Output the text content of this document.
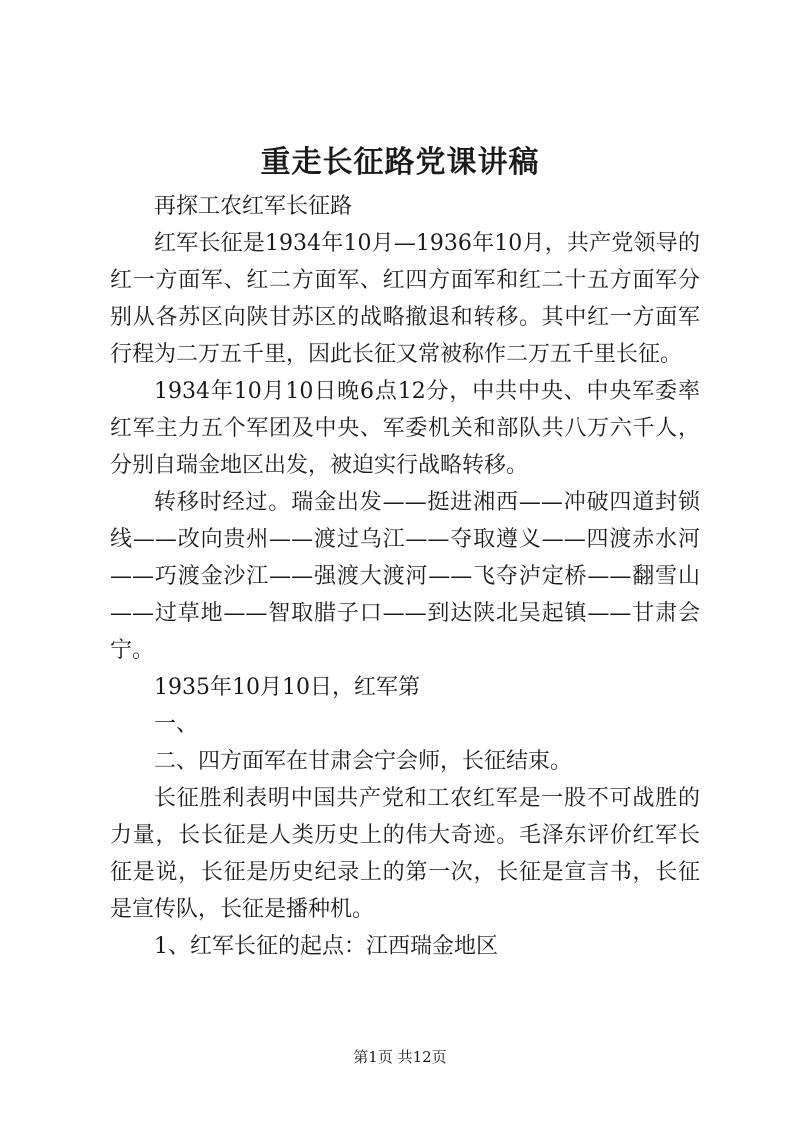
重走长征路党课讲稿

再探工农红军长征路

红军长征是1934年10月—1936年10月，共产党领导的红一方面军、红二方面军、红四方面军和红二十五方面军分别从各苏区向陕甘苏区的战略撤退和转移。其中红一方面军行程为二万五千里，因此长征又常被称作二万五千里长征。

1934年10月10日晚6点12分，中共中央、中央军委率红军主力五个军团及中央、军委机关和部队共八万六千人，分别自瑞金地区出发，被迫实行战略转移。

转移时经过。瑞金出发——挺进湘西——冲破四道封锁线——改向贵州——渡过乌江——夺取遵义——四渡赤水河——巧渡金沙江——强渡大渡河——飞夺泸定桥——翻雪山——过草地——智取腊子口——到达陕北吴起镇——甘肃会宁。

1935年10月10日，红军第

一、

二、四方面军在甘肃会宁会师，长征结束。

长征胜利表明中国共产党和工农红军是一股不可战胜的力量，长长征是人类历史上的伟大奇迹。毛泽东评价红军长征是说，长征是历史纪录上的第一次，长征是宣言书，长征是宣传队，长征是播种机。

1、红军长征的起点：江西瑞金地区

第1页 共12页
